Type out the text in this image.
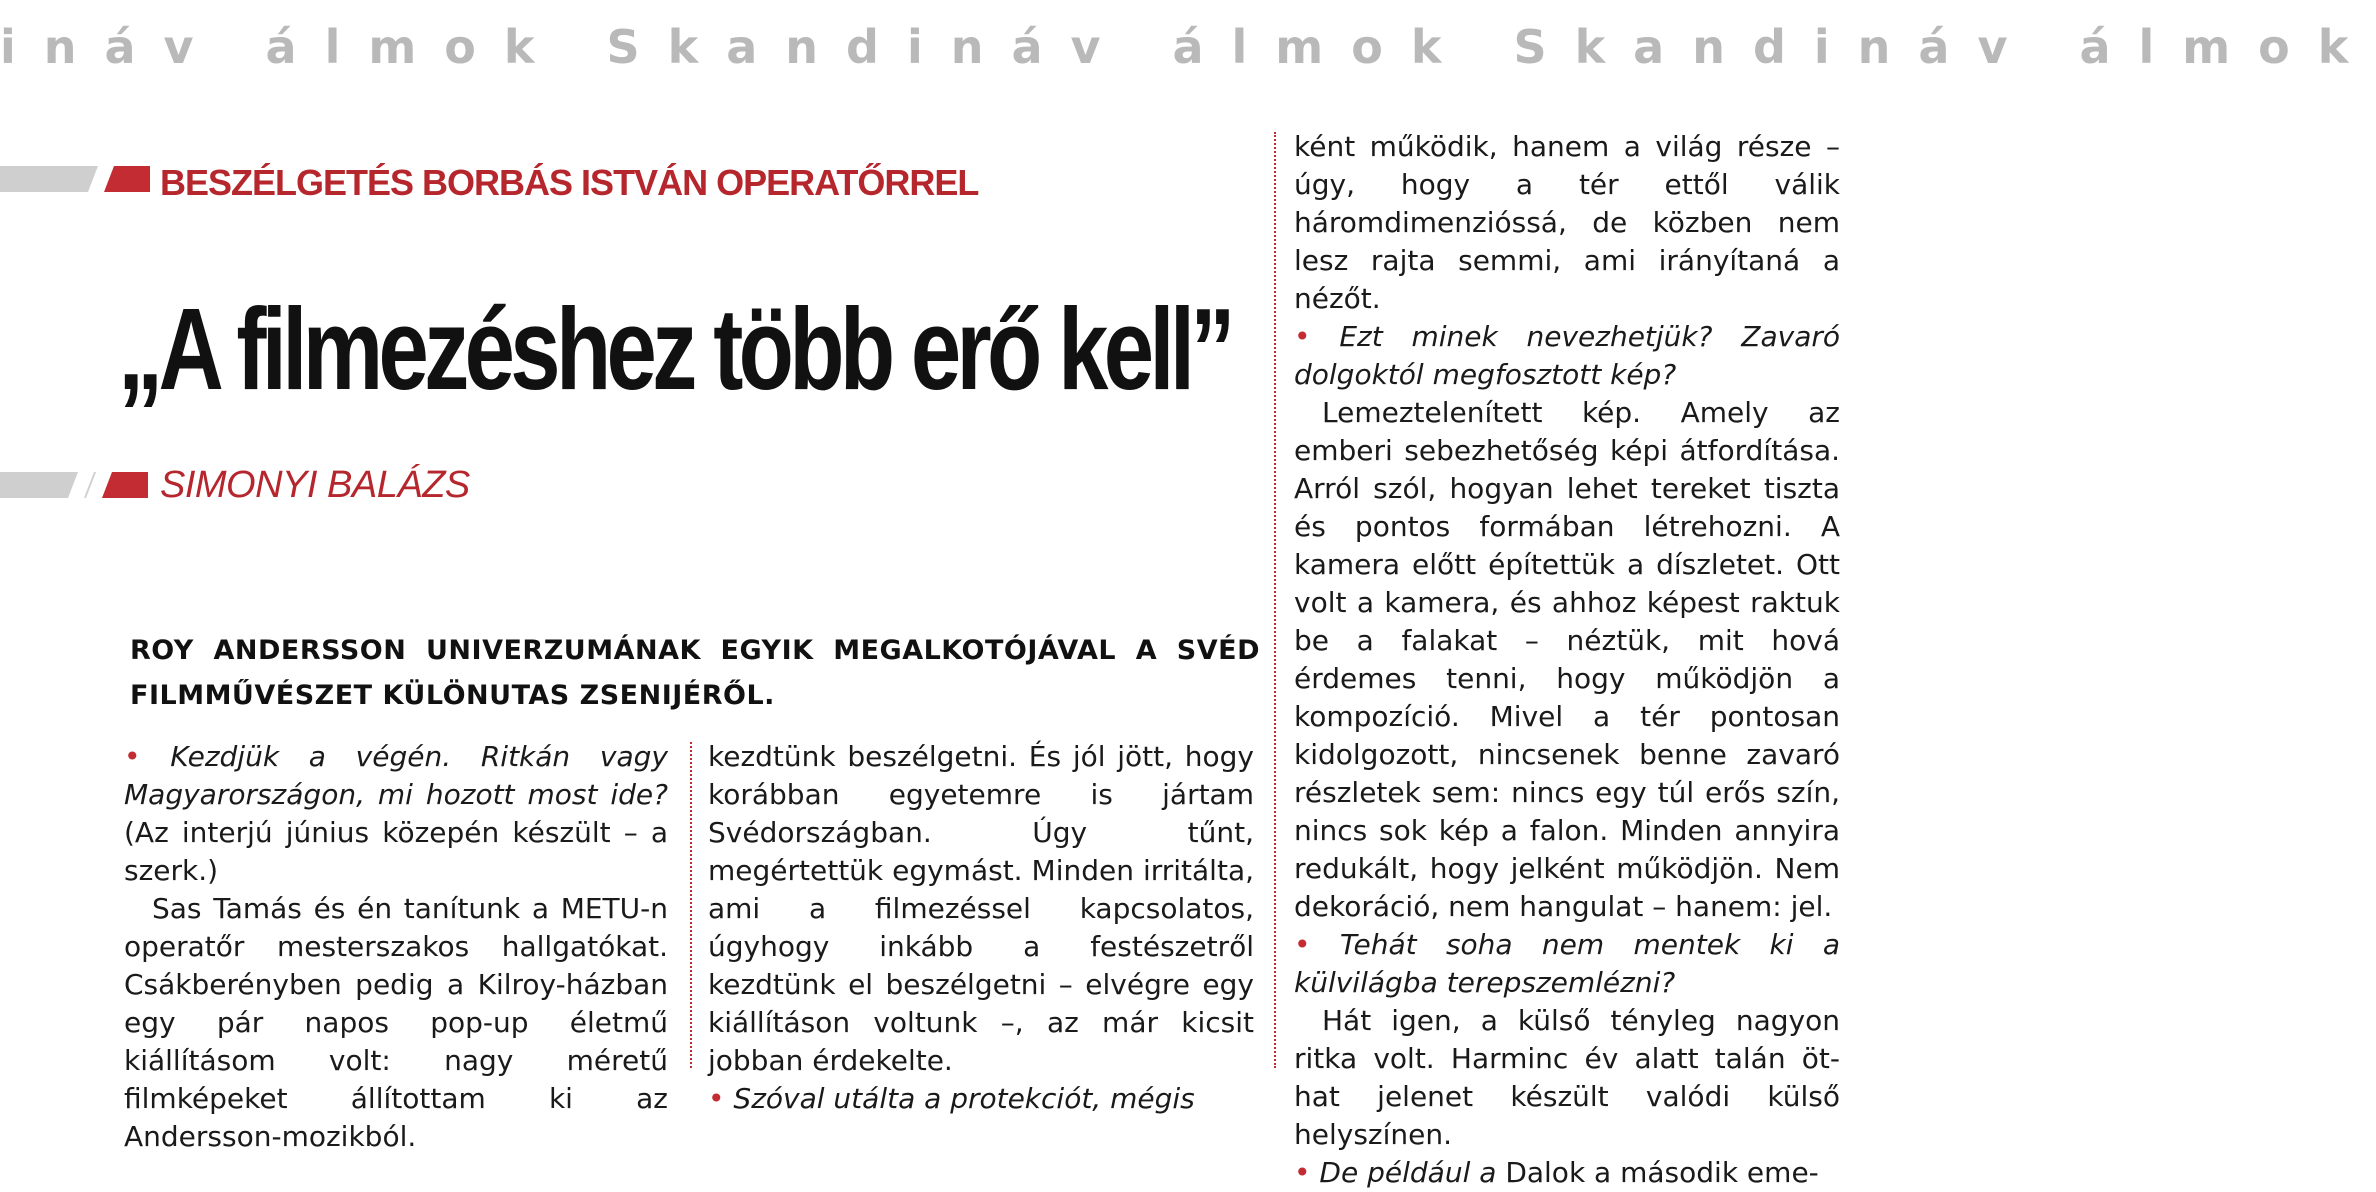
ináv álmok Skandináv álmok Skandináv álmok
BESZÉLGETÉS BORBÁS ISTVÁN OPERATŐRREL
„A filmezéshez több erő kell”
SIMONYI BALÁZS

ROY ANDERSSON UNIVERZUMÁNAK EGYIK MEGALKOTÓJÁVAL A SVÉD FILMMŰVÉSZET KÜLÖNUTAS ZSENIJÉRŐL.

• Kezdjük a végén. Ritkán vagy Magyarországon, mi hozott most ide? (Az interjú június közepén készült – a szerk.)

Sas Tamás és én tanítunk a METU-n operatőr mesterszakos hallgatókat. Csákberényben pedig a Kilroy-házban egy pár napos pop-up életmű kiállításom volt: nagy méretű filmképeket állítottam ki az Andersson-mozikból.

kezdtünk beszélgetni. És jól jött, hogy korábban egyetemre is jártam Svédországban. Úgy tűnt, megértettük egymást. Minden irritálta, ami a filmezéssel kapcsolatos, úgyhogy inkább a festészetről kezdtünk el beszélgetni – elvégre egy kiállításon voltunk –, az már kicsit jobban érdekelte.

• Szóval utálta a protekciót, mégis

ként működik, hanem a világ része – úgy, hogy a tér ettől válik háromdimenzióssá, de közben nem lesz rajta semmi, ami irányítaná a nézőt.

• Ezt minek nevezhetjük? Zavaró dolgoktól megfosztott kép?

Lemeztelenített kép. Amely az emberi sebezhetőség képi átfordítása. Arról szól, hogyan lehet tereket tiszta és pontos formában létrehozni. A kamera előtt építettük a díszletet. Ott volt a kamera, és ahhoz képest raktuk be a falakat – néztük, mit hová érdemes tenni, hogy működjön a kompozíció. Mivel a tér pontosan kidolgozott, nincsenek benne zavaró részletek sem: nincs egy túl erős szín, nincs sok kép a falon. Minden annyira redukált, hogy jelként működjön. Nem dekoráció, nem hangulat – hanem: jel.

• Tehát soha nem mentek ki a külvilágba terepszemlézni?

Hát igen, a külső tényleg nagyon ritka volt. Harminc év alatt talán öt-hat jelenet készült valódi külső helyszínen.

• De például a Dalok a második eme-
